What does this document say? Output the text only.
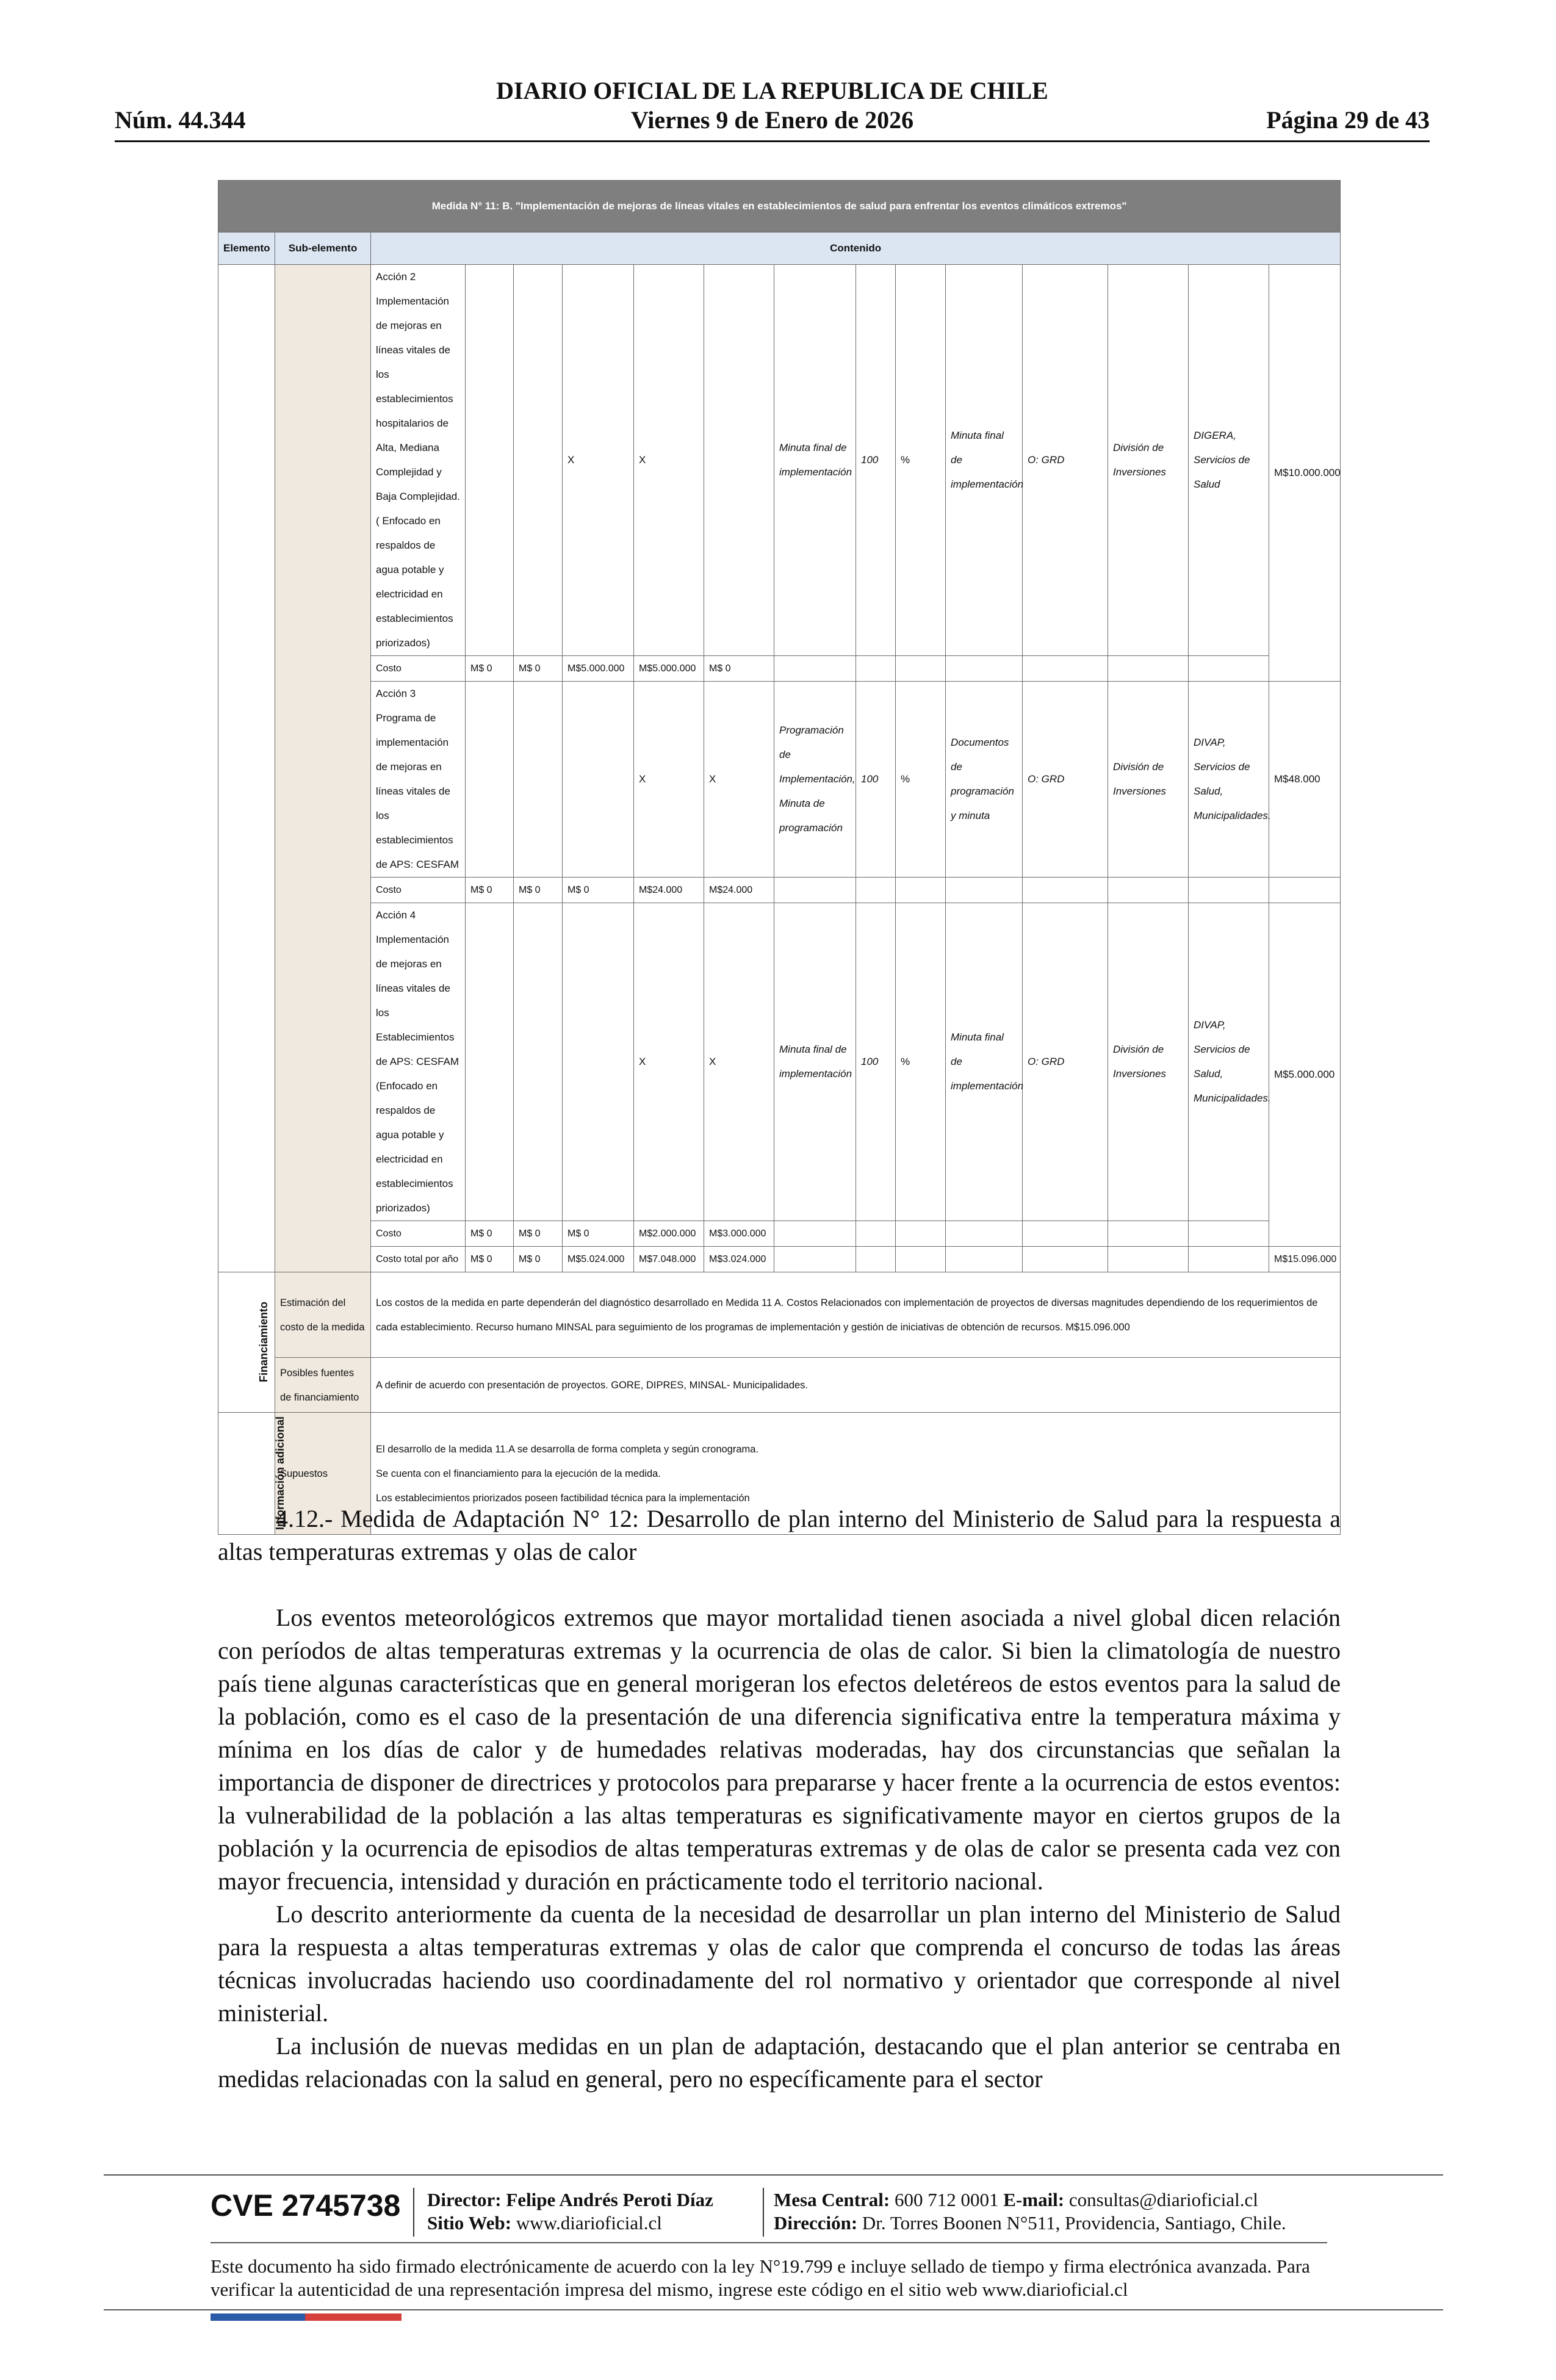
DIARIO OFICIAL DE LA REPUBLICA DE CHILE
Núm. 44.344	Viernes 9 de Enero de 2026	Página 29 de 43
Medida N° 11: B. "Implementación de mejoras de líneas vitales en establecimientos de salud para enfrentar los eventos climáticos extremos"															
Elemento	Sub-elemento	Contenido													
		Acción 2 Implementación de mejoras en líneas vitales de los establecimientos hospitalarios de Alta, Mediana Complejidad y Baja Complejidad. ( Enfocado en respaldos de agua potable y electricidad en establecimientos priorizados)			X	X		Minuta final de implementación	100	%	Minuta final de implementación	O: GRD	División de Inversiones	DIGERA, Servicios de Salud	M$10.000.000
		Costo	M$ 0	M$ 0	M$5.000.000	M$5.000.000	M$ 0								
		Acción 3 Programa de implementación de mejoras en líneas vitales de los establecimientos de APS: CESFAM				X	X	Programación de Implementación, Minuta de programación	100	%	Documentos de programación y minuta	O: GRD	División de Inversiones	DIVAP, Servicios de Salud, Municipalidades.	M$48.000
		Costo	M$ 0	M$ 0	M$ 0	M$24.000	M$24.000								
		Acción 4 Implementación de mejoras en líneas vitales de los Establecimientos de APS: CESFAM (Enfocado en respaldos de agua potable y electricidad en establecimientos priorizados)				X	X	Minuta final de implementación	100	%	Minuta final de implementación	O: GRD	División de Inversiones	DIVAP, Servicios de Salud, Municipalidades.	M$5.000.000
		Costo	M$ 0	M$ 0	M$ 0	M$2.000.000	M$3.000.000								
		Costo total por año	M$ 0	M$ 0	M$5.024.000	M$7.048.000	M$3.024.000								M$15.096.000
Financiamiento	Estimación del costo de la medida	Los costos de la medida en parte dependerán del diagnóstico desarrollado en Medida 11 A. Costos Relacionados con implementación de proyectos de diversas magnitudes dependiendo de los requerimientos de cada establecimiento. Recurso humano MINSAL para seguimiento de los programas de implementación y gestión de iniciativas de obtención de recursos. M$15.096.000													
	Posibles fuentes de financiamiento	A definir de acuerdo con presentación de proyectos. GORE, DIPRES, MINSAL- Municipalidades.													
Información adicional	Supuestos	El desarrollo de la medida 11.A se desarrolla de forma completa y según cronograma.
Se cuenta con el financiamiento para la ejecución de la medida.
Los establecimientos priorizados poseen factibilidad técnica para la implementación													

4.12.- Medida de Adaptación N° 12: Desarrollo de plan interno del Ministerio de Salud para la respuesta a altas temperaturas extremas y olas de calor

Los eventos meteorológicos extremos que mayor mortalidad tienen asociada a nivel global dicen relación con períodos de altas temperaturas extremas y la ocurrencia de olas de calor. Si bien la climatología de nuestro país tiene algunas características que en general morigeran los efectos deletéreos de estos eventos para la salud de la población, como es el caso de la presentación de una diferencia significativa entre la temperatura máxima y mínima en los días de calor y de humedades relativas moderadas, hay dos circunstancias que señalan la importancia de disponer de directrices y protocolos para prepararse y hacer frente a la ocurrencia de estos eventos: la vulnerabilidad de la población a las altas temperaturas es significativamente mayor en ciertos grupos de la población y la ocurrencia de episodios de altas temperaturas extremas y de olas de calor se presenta cada vez con mayor frecuencia, intensidad y duración en prácticamente todo el territorio nacional.

Lo descrito anteriormente da cuenta de la necesidad de desarrollar un plan interno del Ministerio de Salud para la respuesta a altas temperaturas extremas y olas de calor que comprenda el concurso de todas las áreas técnicas involucradas haciendo uso coordinadamente del rol normativo y orientador que corresponde al nivel ministerial.

La inclusión de nuevas medidas en un plan de adaptación, destacando que el plan anterior se centraba en medidas relacionadas con la salud en general, pero no específicamente para el sector

CVE 2745738 Director: Felipe Andrés Peroti Díaz
Sitio Web: www.diarioficial.cl
Mesa Central: 600 712 0001 E-mail: consultas@diarioficial.cl
Dirección: Dr. Torres Boonen N°511, Providencia, Santiago, Chile.
Este documento ha sido firmado electrónicamente de acuerdo con la ley N°19.799 e incluye sellado de tiempo y firma electrónica avanzada. Para verificar la autenticidad de una representación impresa del mismo, ingrese este código en el sitio web www.diarioficial.cl
